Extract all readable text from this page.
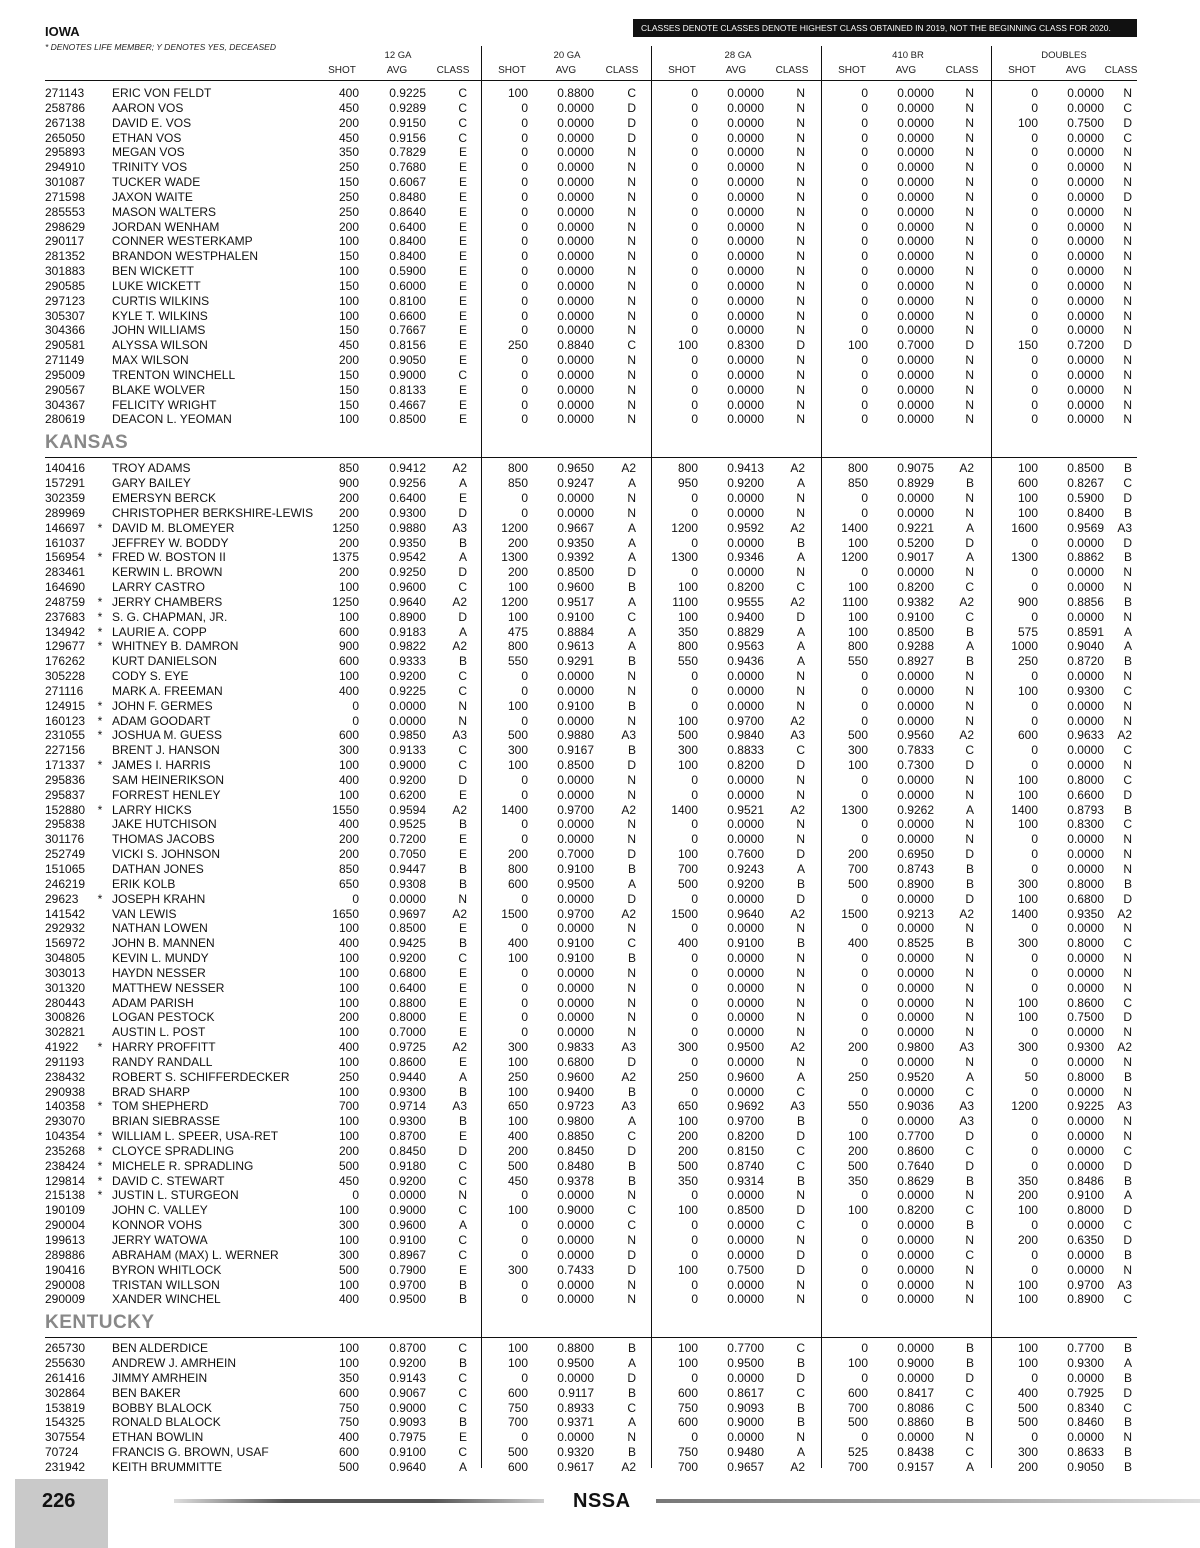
IOWA	CLASSES DENOTE CLASSES DENOTE HIGHEST CLASS OBTAINED IN 2019, NOT THE BEGINNING CLASS FOR 2020.
* DENOTES LIFE MEMBER; Y DENOTES YES, DECEASED
12 GA	20 GA	28 GA	410 BR	DOUBLES
SHOT	AVG	CLASS	SHOT	AVG	CLASS	SHOT	AVG	CLASS	SHOT	AVG	CLASS	SHOT	AVG	CLASS
271143 ERIC VON FELDT	400	0.9225	C	100	0.8800	C	0	0.0000	N	0	0.0000	N	0	0.0000	N
258786 AARON VOS	450	0.9289	C	0	0.0000	D	0	0.0000	N	0	0.0000	N	0	0.0000	C
267138 DAVID E. VOS	200	0.9150	C	0	0.0000	D	0	0.0000	N	0	0.0000	N	100	0.7500	D
265050 ETHAN VOS	450	0.9156	C	0	0.0000	D	0	0.0000	N	0	0.0000	N	0	0.0000	C
295893 MEGAN VOS	350	0.7829	E	0	0.0000	N	0	0.0000	N	0	0.0000	N	0	0.0000	N
294910 TRINITY VOS	250	0.7680	E	0	0.0000	N	0	0.0000	N	0	0.0000	N	0	0.0000	N
301087 TUCKER WADE	150	0.6067	E	0	0.0000	N	0	0.0000	N	0	0.0000	N	0	0.0000	N
271598 JAXON WAITE	250	0.8480	E	0	0.0000	N	0	0.0000	N	0	0.0000	N	0	0.0000	D
285553 MASON WALTERS	250	0.8640	E	0	0.0000	N	0	0.0000	N	0	0.0000	N	0	0.0000	N
298629 JORDAN WENHAM	200	0.6400	E	0	0.0000	N	0	0.0000	N	0	0.0000	N	0	0.0000	N
290117 CONNER WESTERKAMP	100	0.8400	E	0	0.0000	N	0	0.0000	N	0	0.0000	N	0	0.0000	N
281352 BRANDON WESTPHALEN	150	0.8400	E	0	0.0000	N	0	0.0000	N	0	0.0000	N	0	0.0000	N
301883 BEN WICKETT	100	0.5900	E	0	0.0000	N	0	0.0000	N	0	0.0000	N	0	0.0000	N
290585 LUKE WICKETT	150	0.6000	E	0	0.0000	N	0	0.0000	N	0	0.0000	N	0	0.0000	N
297123 CURTIS WILKINS	100	0.8100	E	0	0.0000	N	0	0.0000	N	0	0.0000	N	0	0.0000	N
305307 KYLE T. WILKINS	100	0.6600	E	0	0.0000	N	0	0.0000	N	0	0.0000	N	0	0.0000	N
304366 JOHN WILLIAMS	150	0.7667	E	0	0.0000	N	0	0.0000	N	0	0.0000	N	0	0.0000	N
290581 ALYSSA WILSON	450	0.8156	E	250	0.8840	C	100	0.8300	D	100	0.7000	D	150	0.7200	D
271149 MAX WILSON	200	0.9050	E	0	0.0000	N	0	0.0000	N	0	0.0000	N	0	0.0000	N
295009 TRENTON WINCHELL	150	0.9000	C	0	0.0000	N	0	0.0000	N	0	0.0000	N	0	0.0000	N
290567 BLAKE WOLVER	150	0.8133	E	0	0.0000	N	0	0.0000	N	0	0.0000	N	0	0.0000	N
304367 FELICITY WRIGHT	150	0.4667	E	0	0.0000	N	0	0.0000	N	0	0.0000	N	0	0.0000	N
280619 DEACON L. YEOMAN	100	0.8500	E	0	0.0000	N	0	0.0000	N	0	0.0000	N	0	0.0000	N
KANSAS
140416 TROY ADAMS	850	0.9412	A2	800	0.9650	A2	800	0.9413	A2	800	0.9075	A2	100	0.8500	B
157291 GARY BAILEY	900	0.9256	A	850	0.9247	A	950	0.9200	A	850	0.8929	B	600	0.8267	C
302359 EMERSYN BERCK	200	0.6400	E	0	0.0000	N	0	0.0000	N	0	0.0000	N	100	0.5900	D
289969 CHRISTOPHER BERKSHIRE-LEWIS	200	0.9300	D	0	0.0000	N	0	0.0000	N	0	0.0000	N	100	0.8400	B
146697 * DAVID M. BLOMEYER	1250	0.9880	A3	1200	0.9667	A	1200	0.9592	A2	1400	0.9221	A	1600	0.9569	A3
161037 JEFFREY W. BODDY	200	0.9350	B	200	0.9350	A	0	0.0000	B	100	0.5200	D	0	0.0000	D
156954 * FRED W. BOSTON II	1375	0.9542	A	1300	0.9392	A	1300	0.9346	A	1200	0.9017	A	1300	0.8862	B
283461 KERWIN L. BROWN	200	0.9250	D	200	0.8500	D	0	0.0000	N	0	0.0000	N	0	0.0000	N
164690 LARRY CASTRO	100	0.9600	C	100	0.9600	B	100	0.8200	C	100	0.8200	C	0	0.0000	N
248759 * JERRY CHAMBERS	1250	0.9640	A2	1200	0.9517	A	1100	0.9555	A2	1100	0.9382	A2	900	0.8856	B
237683 * S. G. CHAPMAN, JR.	100	0.8900	D	100	0.9100	C	100	0.9400	D	100	0.9100	C	0	0.0000	N
134942 * LAURIE A. COPP	600	0.9183	A	475	0.8884	A	350	0.8829	A	100	0.8500	B	575	0.8591	A
129677 * WHITNEY B. DAMRON	900	0.9822	A2	800	0.9613	A	800	0.9563	A	800	0.9288	A	1000	0.9040	A
176262 KURT DANIELSON	600	0.9333	B	550	0.9291	B	550	0.9436	A	550	0.8927	B	250	0.8720	B
305228 CODY S. EYE	100	0.9200	C	0	0.0000	N	0	0.0000	N	0	0.0000	N	0	0.0000	N
271116 MARK A. FREEMAN	400	0.9225	C	0	0.0000	N	0	0.0000	N	0	0.0000	N	100	0.9300	C
124915 * JOHN F. GERMES	0	0.0000	N	100	0.9100	B	0	0.0000	N	0	0.0000	N	0	0.0000	N
160123 * ADAM GOODART	0	0.0000	N	0	0.0000	N	100	0.9700	A2	0	0.0000	N	0	0.0000	N
231055 * JOSHUA M. GUESS	600	0.9850	A3	500	0.9880	A3	500	0.9840	A3	500	0.9560	A2	600	0.9633	A2
227156 BRENT J. HANSON	300	0.9133	C	300	0.9167	B	300	0.8833	C	300	0.7833	C	0	0.0000	C
171337 * JAMES I. HARRIS	100	0.9000	C	100	0.8500	D	100	0.8200	D	100	0.7300	D	0	0.0000	N
295836 SAM HEINERIKSON	400	0.9200	D	0	0.0000	N	0	0.0000	N	0	0.0000	N	100	0.8000	C
295837 FORREST HENLEY	100	0.6200	E	0	0.0000	N	0	0.0000	N	0	0.0000	N	100	0.6600	D
152880 * LARRY HICKS	1550	0.9594	A2	1400	0.9700	A2	1400	0.9521	A2	1300	0.9262	A	1400	0.8793	B
295838 JAKE HUTCHISON	400	0.9525	B	0	0.0000	N	0	0.0000	N	0	0.0000	N	100	0.8300	C
301176 THOMAS JACOBS	200	0.7200	E	0	0.0000	N	0	0.0000	N	0	0.0000	N	0	0.0000	N
252749 VICKI S. JOHNSON	200	0.7050	E	200	0.7000	D	100	0.7600	D	200	0.6950	D	0	0.0000	N
151065 DATHAN JONES	850	0.9447	B	800	0.9100	B	700	0.9243	A	700	0.8743	B	0	0.0000	N
246219 ERIK KOLB	650	0.9308	B	600	0.9500	A	500	0.9200	B	500	0.8900	B	300	0.8000	B
29623 * JOSEPH KRAHN	0	0.0000	N	0	0.0000	D	0	0.0000	D	0	0.0000	D	100	0.6800	D
141542 VAN LEWIS	1650	0.9697	A2	1500	0.9700	A2	1500	0.9640	A2	1500	0.9213	A2	1400	0.9350	A2
292932 NATHAN LOWEN	100	0.8500	E	0	0.0000	N	0	0.0000	N	0	0.0000	N	0	0.0000	N
156972 JOHN B. MANNEN	400	0.9425	B	400	0.9100	C	400	0.9100	B	400	0.8525	B	300	0.8000	C
304805 KEVIN L. MUNDY	100	0.9200	C	100	0.9100	B	0	0.0000	N	0	0.0000	N	0	0.0000	N
303013 HAYDN NESSER	100	0.6800	E	0	0.0000	N	0	0.0000	N	0	0.0000	N	0	0.0000	N
301320 MATTHEW NESSER	100	0.6400	E	0	0.0000	N	0	0.0000	N	0	0.0000	N	0	0.0000	N
280443 ADAM PARISH	100	0.8800	E	0	0.0000	N	0	0.0000	N	0	0.0000	N	100	0.8600	C
300826 LOGAN PESTOCK	200	0.8000	E	0	0.0000	N	0	0.0000	N	0	0.0000	N	100	0.7500	D
302821 AUSTIN L. POST	100	0.7000	E	0	0.0000	N	0	0.0000	N	0	0.0000	N	0	0.0000	N
41922 * HARRY PROFFITT	400	0.9725	A2	300	0.9833	A3	300	0.9500	A2	200	0.9800	A3	300	0.9300	A2
291193 RANDY RANDALL	100	0.8600	E	100	0.6800	D	0	0.0000	N	0	0.0000	N	0	0.0000	N
238432 ROBERT S. SCHIFFERDECKER	250	0.9440	A	250	0.9600	A2	250	0.9600	A	250	0.9520	A	50	0.8000	B
290938 BRAD SHARP	100	0.9300	B	100	0.9400	B	0	0.0000	C	0	0.0000	C	0	0.0000	N
140358 * TOM SHEPHERD	700	0.9714	A3	650	0.9723	A3	650	0.9692	A3	550	0.9036	A3	1200	0.9225	A3
293070 BRIAN SIEBRASSE	100	0.9300	B	100	0.9800	A	100	0.9700	B	0	0.0000	A3	0	0.0000	N
104354 * WILLIAM L. SPEER, USA-RET	100	0.8700	E	400	0.8850	C	200	0.8200	D	100	0.7700	D	0	0.0000	N
235268 * CLOYCE SPRADLING	200	0.8450	D	200	0.8450	D	200	0.8150	C	200	0.8600	C	0	0.0000	C
238424 * MICHELE R. SPRADLING	500	0.9180	C	500	0.8480	B	500	0.8740	C	500	0.7640	D	0	0.0000	D
129814 * DAVID C. STEWART	450	0.9200	C	450	0.9378	B	350	0.9314	B	350	0.8629	B	350	0.8486	B
215138 * JUSTIN L. STURGEON	0	0.0000	N	0	0.0000	N	0	0.0000	N	0	0.0000	N	200	0.9100	A
190109 JOHN C. VALLEY	100	0.9000	C	100	0.9000	C	100	0.8500	D	100	0.8200	C	100	0.8000	D
290004 KONNOR VOHS	300	0.9600	A	0	0.0000	C	0	0.0000	C	0	0.0000	B	0	0.0000	C
199613 JERRY WATOWA	100	0.9100	C	0	0.0000	N	0	0.0000	N	0	0.0000	N	200	0.6350	D
289886 ABRAHAM (MAX) L. WERNER	300	0.8967	C	0	0.0000	D	0	0.0000	D	0	0.0000	C	0	0.0000	B
190416 BYRON WHITLOCK	500	0.7900	E	300	0.7433	D	100	0.7500	D	0	0.0000	N	0	0.0000	N
290008 TRISTAN WILLSON	100	0.9700	B	0	0.0000	N	0	0.0000	N	0	0.0000	N	100	0.9700	A3
290009 XANDER WINCHEL	400	0.9500	B	0	0.0000	N	0	0.0000	N	0	0.0000	N	100	0.8900	C
KENTUCKY
265730 BEN ALDERDICE	100	0.8700	C	100	0.8800	B	100	0.7700	C	0	0.0000	B	100	0.7700	B
255630 ANDREW J. AMRHEIN	100	0.9200	B	100	0.9500	A	100	0.9500	B	100	0.9000	B	100	0.9300	A
261416 JIMMY AMRHEIN	350	0.9143	C	0	0.0000	D	0	0.0000	D	0	0.0000	D	0	0.0000	B
302864 BEN BAKER	600	0.9067	C	600	0.9117	B	600	0.8617	C	600	0.8417	C	400	0.7925	D
153819 BOBBY BLALOCK	750	0.9000	C	750	0.8933	C	750	0.9093	B	700	0.8086	C	500	0.8340	C
154325 RONALD BLALOCK	750	0.9093	B	700	0.9371	A	600	0.9000	B	500	0.8860	B	500	0.8460	B
307554 ETHAN BOWLIN	400	0.7975	E	0	0.0000	N	0	0.0000	N	0	0.0000	N	0	0.0000	N
70724	FRANCIS G. BROWN, USAF	600	0.9100	C	500	0.9320	B	750	0.9480	A	525	0.8438	C	300	0.8633	B
231942 KEITH BRUMMITTE	500	0.9640	A	600	0.9617	A2	700	0.9657	A2	700	0.9157	A	200	0.9050	B
226	NSSA
